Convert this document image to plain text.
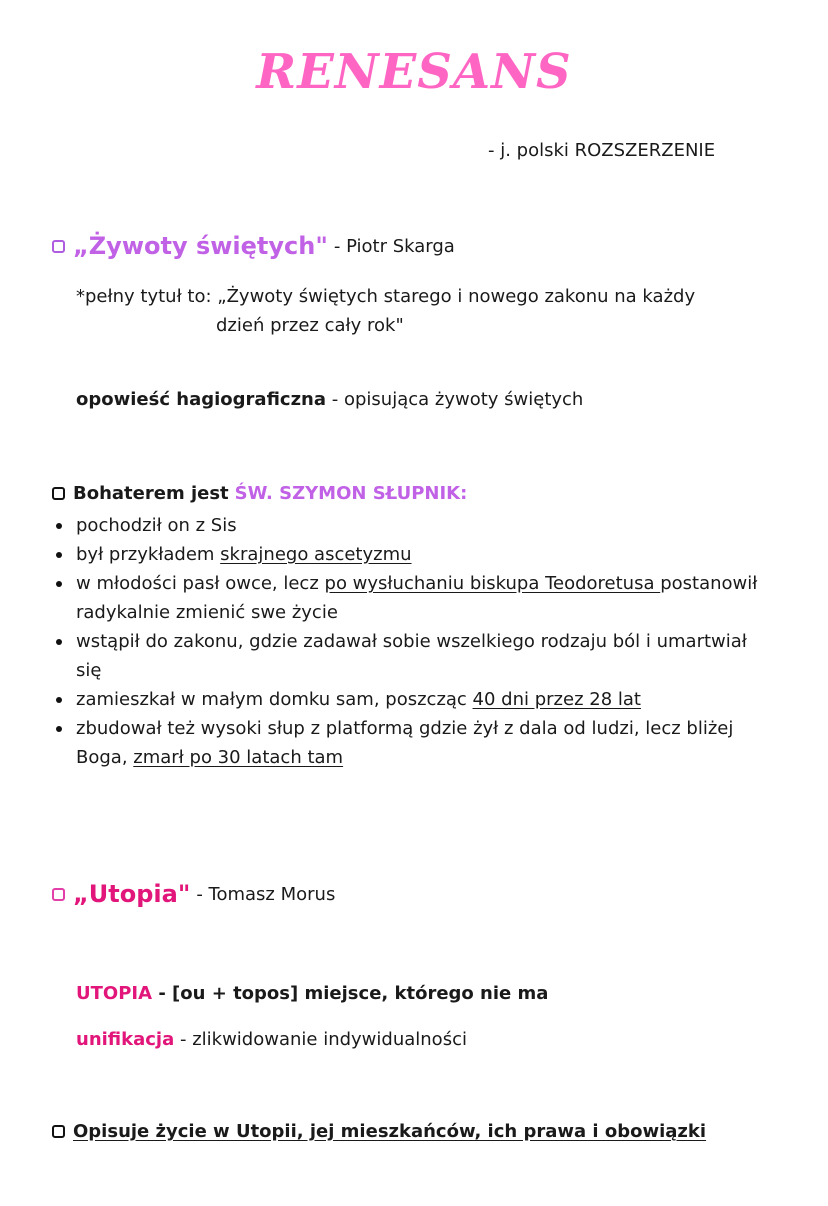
RENESANS
- j. polski ROZSZERZENIE
„Żywoty świętych" - Piotr Skarga
*pełny tytuł to: „Żywoty świętych starego i nowego zakonu na każdy
dzień przez cały rok"
opowieść hagiograficzna - opisująca żywoty świętych
Bohaterem jest ŚW. SZYMON SŁUPNIK:
pochodził on z Sis
był przykładem skrajnego ascetyzmu
w młodości pasł owce, lecz po wysłuchaniu biskupa Teodoretusa postanowił radykalnie zmienić swe życie
wstąpił do zakonu, gdzie zadawał sobie wszelkiego rodzaju ból i umartwiał się
zamieszkał w małym domku sam, poszcząc 40 dni przez 28 lat
zbudował też wysoki słup z platformą gdzie żył z dala od ludzi, lecz bliżej Boga, zmarł po 30 latach tam
„Utopia" - Tomasz Morus
UTOPIA - [ou + topos] miejsce, którego nie ma
unifikacja - zlikwidowanie indywidualności
Opisuje życie w Utopii, jej mieszkańców, ich prawa i obowiązki
